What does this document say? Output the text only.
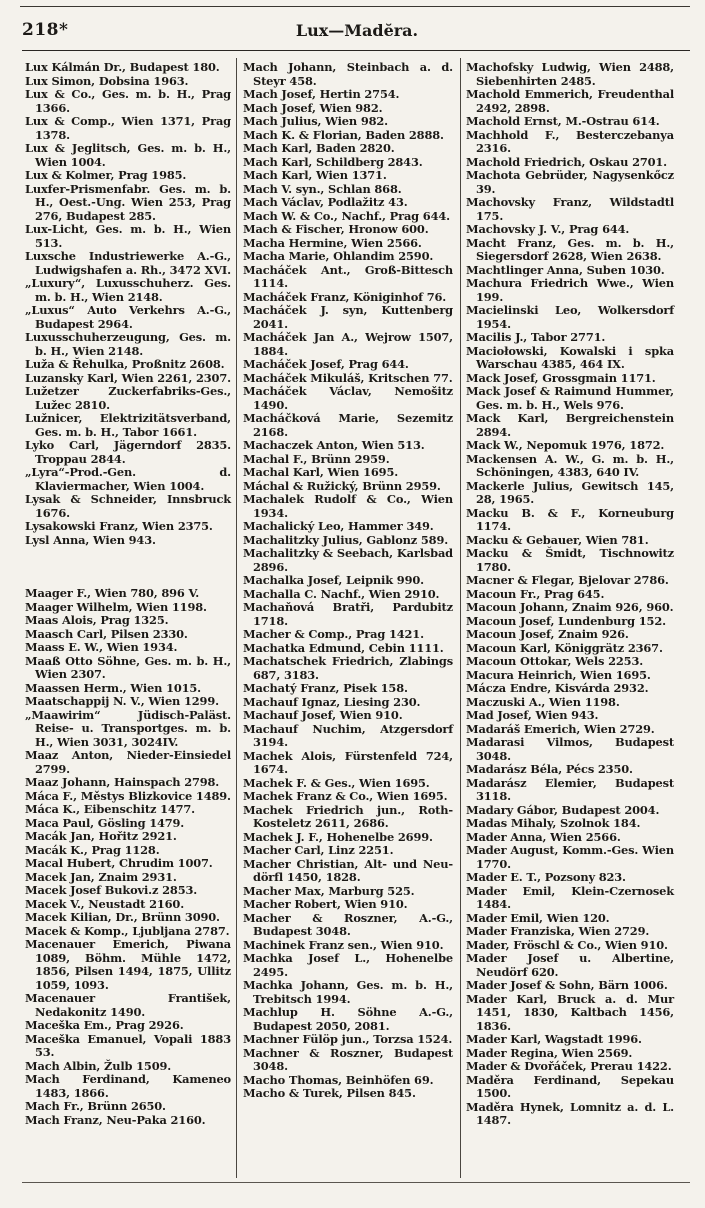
218*	Lux—Madĕra.
Lux Kálmán Dr., Budapest 180.
Lux Simon, Dobsina 1963.
Lux & Co., Ges. m. b. H., Prag 1366.
Lux & Comp., Wien 1371, Prag 1378.
Lux & Jeglitsch, Ges. m. b. H., Wien 1004.
Lux & Kolmer, Prag 1985.
Luxfer-Prismenfabr. Ges. m. b. H., Oest.-Ung. Wien 253, Prag 276, Budapest 285.
Lux-Licht, Ges. m. b. H., Wien 513.
Luxsche Industriewerke A.-G., Ludwigshafen a. Rh., 3472 XVI.
„Luxury“, Luxusschuherz. Ges. m. b. H., Wien 2148.
„Luxus“ Auto Verkehrs A.-G., Budapest 2964.
Luxusschuherzeugung, Ges. m. b. H., Wien 2148.
Luža & Řehulka, Proßnitz 2608.
Luzansky Karl, Wien 2261, 2307.
Lužetzer Zuckerfabriks-Ges., Lužec 2810.
Lužnicer, Elektrizitätsverband, Ges. m. b. H., Tabor 1661.
Lyko Carl, Jägerndorf 2835. Troppau 2844.
„Lyra“-Prod.-Gen. d. Klaviermacher, Wien 1004.
Lysak & Schneider, Innsbruck 1676.
Lysakowski Franz, Wien 2375.
Lysl Anna, Wien 943.
Maager F., Wien 780, 896 V.
Maager Wilhelm, Wien 1198.
Maas Alois, Prag 1325.
Maasch Carl, Pilsen 2330.
Maass E. W., Wien 1934.
Maaß Otto Söhne, Ges. m. b. H., Wien 2307.
Maassen Herm., Wien 1015.
Maatschappij N. V., Wien 1299.
„Maawirim“ Jüdisch-Paläst. Reise- u. Transportges. m. b. H., Wien 3031, 3024IV.
Maaz Anton, Nieder-Einsiedel 2799.
Maaz Johann, Hainspach 2798.
Máca F., Městys Blizkovice 1489.
Máca K., Eibenschitz 1477.
Maca Paul, Gösling 1479.
Macák Jan, Hořitz 2921.
Macák K., Prag 1128.
Macal Hubert, Chrudim 1007.
Macek Jan, Znaim 2931.
Macek Josef Bukovi.z 2853.
Macek V., Neustadt 2160.
Macek Kilian, Dr., Brünn 3090.
Macek & Komp., Ljubljana 2787.
Macenauer Emerich, Piwana 1089, Böhm. Mühle 1472, 1856, Pilsen 1494, 1875, Ullitz 1059, 1093.
Macenauer František, Nedakonitz 1490.
Maceška Em., Prag 2926.
Maceška Emanuel, Vopali 1883 53.
Mach Albin, Žulb 1509.
Mach Ferdinand, Kameneo 1483, 1866.
Mach Fr., Brünn 2650.
Mach Franz, Neu-Paka 2160.
Mach Johann, Steinbach a. d. Steyr 458.
Mach Josef, Hertin 2754.
Mach Josef, Wien 982.
Mach Julius, Wien 982.
Mach K. & Florian, Baden 2888.
Mach Karl, Baden 2820.
Mach Karl, Schildberg 2843.
Mach Karl, Wien 1371.
Mach V. syn., Schlan 868.
Mach Václav, Podlažitz 43.
Mach W. & Co., Nachf., Prag 644.
Mach & Fischer, Hronow 600.
Macha Hermine, Wien 2566.
Macha Marie, Ohlandim 2590.
Macháček Ant., Groß-Bittesch 1114.
Macháček Franz, Königinhof 76.
Macháček J. syn, Kuttenberg 2041.
Macháček Jan A., Wejrow 1507, 1884.
Macháček Josef, Prag 644.
Macháček Mikuláš, Kritschen 77.
Macháček Václav, Nemošitz 1490.
Macháčková Marie, Sezemitz 2168.
Machaczek Anton, Wien 513.
Machal F., Brünn 2959.
Machal Karl, Wien 1695.
Máchal & Ružický, Brünn 2959.
Machalek Rudolf & Co., Wien 1934.
Machalický Leo, Hammer 349.
Machalitzky Julius, Gablonz 589.
Machalitzky & Seebach, Karlsbad 2896.
Machalka Josef, Leipnik 990.
Machalla C. Nachf., Wien 2910.
Machaňová Bratři, Pardubitz 1718.
Macher & Comp., Prag 1421.
Machatka Edmund, Cebin 1111.
Machatschek Friedrich, Zlabings 687, 3183.
Machatý Franz, Pisek 158.
Machauf Ignaz, Liesing 230.
Machauf Josef, Wien 910.
Machauf Nuchim, Atzgersdorf 3194.
Machek Alois, Fürstenfeld 724, 1674.
Machek F. & Ges., Wien 1695.
Machek Franz & Co., Wien 1695.
Machek Friedrich jun., Roth-Kosteletz 2611, 2686.
Machek J. F., Hohenelbe 2699.
Macher Carl, Linz 2251.
Macher Christian, Alt- und Neu-dörfl 1450, 1828.
Macher Max, Marburg 525.
Macher Robert, Wien 910.
Macher & Roszner, A.-G., Budapest 3048.
Machinek Franz sen., Wien 910.
Machka Josef L., Hohenelbe 2495.
Machka Johann, Ges. m. b. H., Trebitsch 1994.
Machlup H. Söhne A.-G., Budapest 2050, 2081.
Machner Fülöp jun., Torzsa 1524.
Machner & Roszner, Budapest 3048.
Macho Thomas, Beinhöfen 69.
Macho & Turek, Pilsen 845.
Machofsky Ludwig, Wien 2488, Siebenhirten 2485.
Machold Emmerich, Freudenthal 2492, 2898.
Machold Ernst, M.-Ostrau 614.
Machhold F., Besterczebanya 2316.
Machold Friedrich, Oskau 2701.
Machota Gebrüder, Nagysenkőcz 39.
Machovsky Franz, Wildstadtl 175.
Machovsky J. V., Prag 644.
Macht Franz, Ges. m. b. H., Siegersdorf 2628, Wien 2638.
Machtlinger Anna, Suben 1030.
Machura Friedrich Wwe., Wien 199.
Macielinski Leo, Wolkersdorf 1954.
Macilis J., Tabor 2771.
Maciołowski, Kowalski i spka Warschau 4385, 464 IX.
Mack Josef, Grossgmain 1171.
Mack Josef & Raimund Hummer, Ges. m. b. H., Wels 976.
Mack Karl, Bergreichenstein 2894.
Mack W., Nepomuk 1976, 1872.
Mackensen A. W., G. m. b. H., Schöningen, 4383, 640 IV.
Mackerle Julius, Gewitsch 145, 28, 1965.
Macku B. & F., Korneuburg 1174.
Macku & Gebauer, Wien 781.
Macku & Šmidt, Tischnowitz 1780.
Macner & Flegar, Bjelovar 2786.
Macoun Fr., Prag 645.
Macoun Johann, Znaim 926, 960.
Macoun Josef, Lundenburg 152.
Macoun Josef, Znaim 926.
Macoun Karl, Königgrätz 2367.
Macoun Ottokar, Wels 2253.
Macura Heinrich, Wien 1695.
Mácza Endre, Kisvárda 2932.
Maczuski A., Wien 1198.
Mad Josef, Wien 943.
Madaráš Emerich, Wien 2729.
Madarasi Vilmos, Budapest 3048.
Madarász Béla, Pécs 2350.
Madarász Elemier, Budapest 3118.
Madary Gábor, Budapest 2004.
Madas Mihaly, Szolnok 184.
Mader Anna, Wien 2566.
Mader August, Komm.-Ges. Wien 1770.
Mader E. T., Pozsony 823.
Mader Emil, Klein-Czernosek 1484.
Mader Emil, Wien 120.
Mader Franziska, Wien 2729.
Mader, Fröschl & Co., Wien 910.
Mader Josef u. Albertine, Neudörf 620.
Mader Josef & Sohn, Bärn 1006.
Mader Karl, Bruck a. d. Mur 1451, 1830, Kaltbach 1456, 1836.
Mader Karl, Wagstadt 1996.
Mader Regina, Wien 2569.
Mader & Dvořáček, Prerau 1422.
Maděra Ferdinand, Sepekau 1500.
Maděra Hynek, Lomnitz a. d. L. 1487.
